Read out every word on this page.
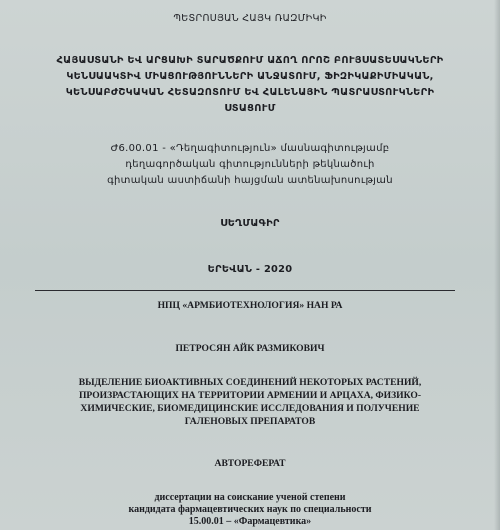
ՊԵՏՐՈՍՅԱՆ ՀԱՅԿ ՌԱԶՄԻԿԻ
ՀԱՅԱՍՏԱՆԻ ԵՎ ԱՐՑԱԽԻ ՏԱՐԱԾՔՈՒՄ ԱՃՈՂ ՈՐՈՇ ԲՈՒՅՍԱՏԵՍԱԿՆԵՐԻ
ԿԵՆՍԱԱԿՏԻՎ ՄԻԱՑՈՒԹՅՈՒՆՆԵՐԻ ԱՆՋԱՏՈՒՄ, ՖԻԶԻԿԱՔԻՄԻԱԿԱՆ,
ԿԵՆՍԱԲԺՇԿԱԿԱՆ ՀԵՏԱԶՈՏՈՒՄ ԵՎ ՀԱԼԵՆԱՅԻՆ ՊԱՏՐԱՍՏՈՒԿՆԵՐԻ
ՍՏԱՑՈՒՄ
Ժ6.00.01 - «Դեղագիտություն» մասնագիտությամբ
դեղագործական գիտությունների թեկնածուի
գիտական աստիճանի հայցման ատենախոսության
ՍԵՂՄԱԳԻՐ
ԵՐԵՎԱՆ - 2020
НПЦ «АРМБИОТЕХНОЛОГИЯ» НАН РА
ПЕТРОСЯН АЙК РАЗМИКОВИЧ
ВЫДЕЛЕНИЕ БИОАКТИВНЫХ СОЕДИНЕНИЙ НЕКОТОРЫХ РАСТЕНИЙ,
ПРОИЗРАСТАЮЩИХ НА ТЕРРИТОРИИ АРМЕНИИ И АРЦАХА, ФИЗИКО-
ХИМИЧЕСКИЕ, БИОМЕДИЦИНСКИЕ ИССЛЕДОВАНИЯ И ПОЛУЧЕНИЕ
ГАЛЕНОВЫХ ПРЕПАРАТОВ
АВТОРЕФЕРАТ
диссертации на соискание ученой степени
кандидата фармацевтических наук по специальности
15.00.01 – «Фармацевтика»
